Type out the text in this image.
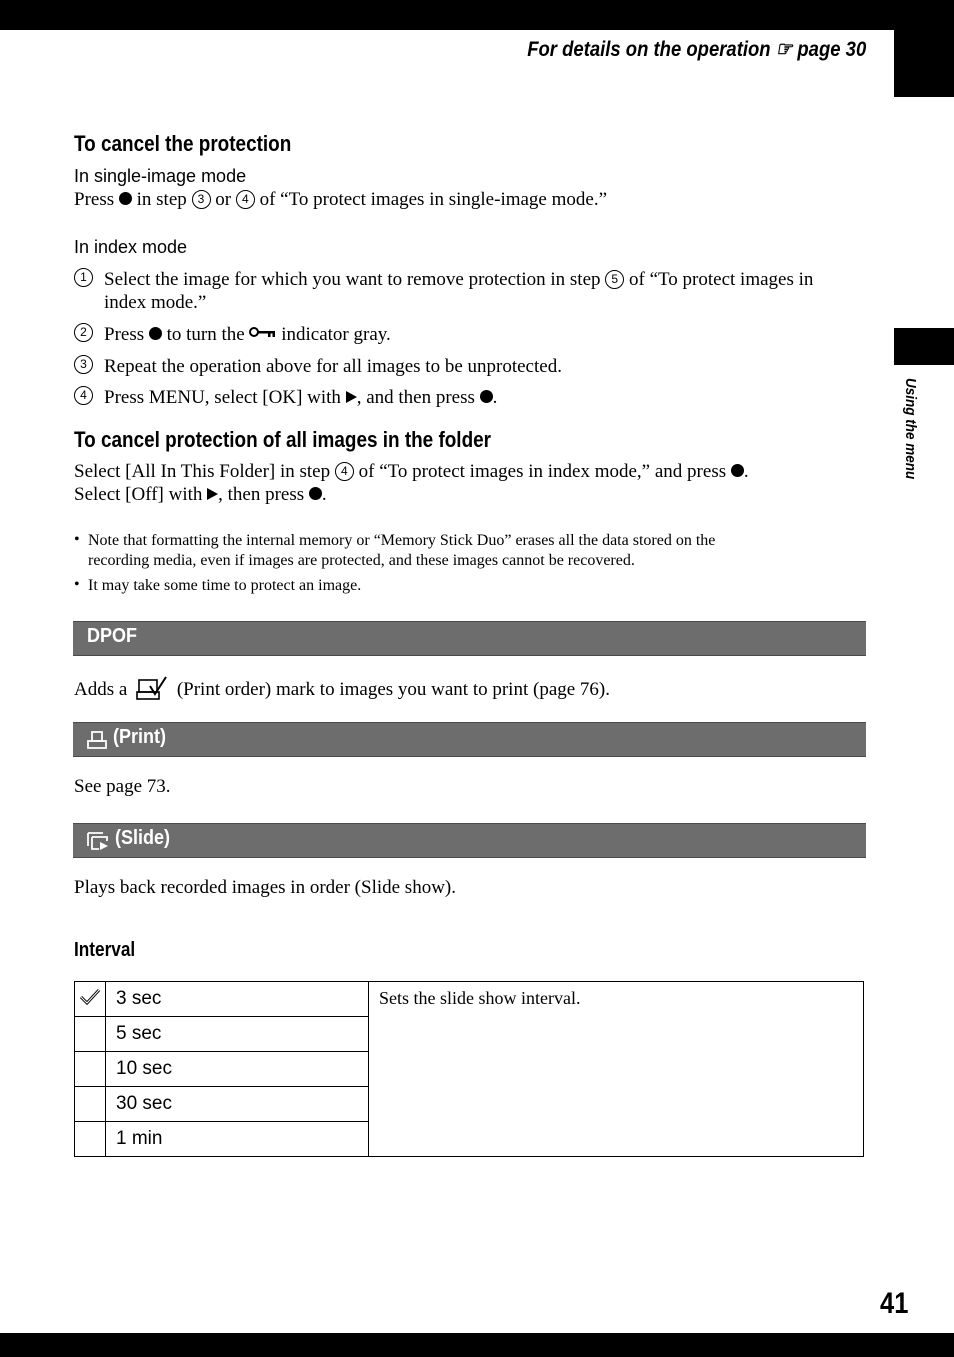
For details on the operation ☞ page 30
Using the menu
To cancel the protection
In single-image mode
Press in step 3 or 4 of “To protect images in single-image mode.”
In index mode
1 Select the image for which you want to remove protection in step 5 of “To protect images in
index mode.”
2 Press to turn the indicator gray.
3 Repeat the operation above for all images to be unprotected.
4 Press MENU, select [OK] with , and then press .
To cancel protection of all images in the folder
Select [All In This Folder] in step 4 of “To protect images in index mode,” and press .
Select [Off] with , then press .
• Note that formatting the internal memory or “Memory Stick Duo” erases all the data stored on the
recording media, even if images are protected, and these images cannot be recovered.
• It may take some time to protect an image.
DPOF
Adds a	(Print order) mark to images you want to print (page 76).
(Print)
See page 73.
(Slide)
Plays back recorded images in order (Slide show).
Interval
	3 sec	Sets the slide show interval.
	5 sec	
	10 sec	
	30 sec	
	1 min	
41
